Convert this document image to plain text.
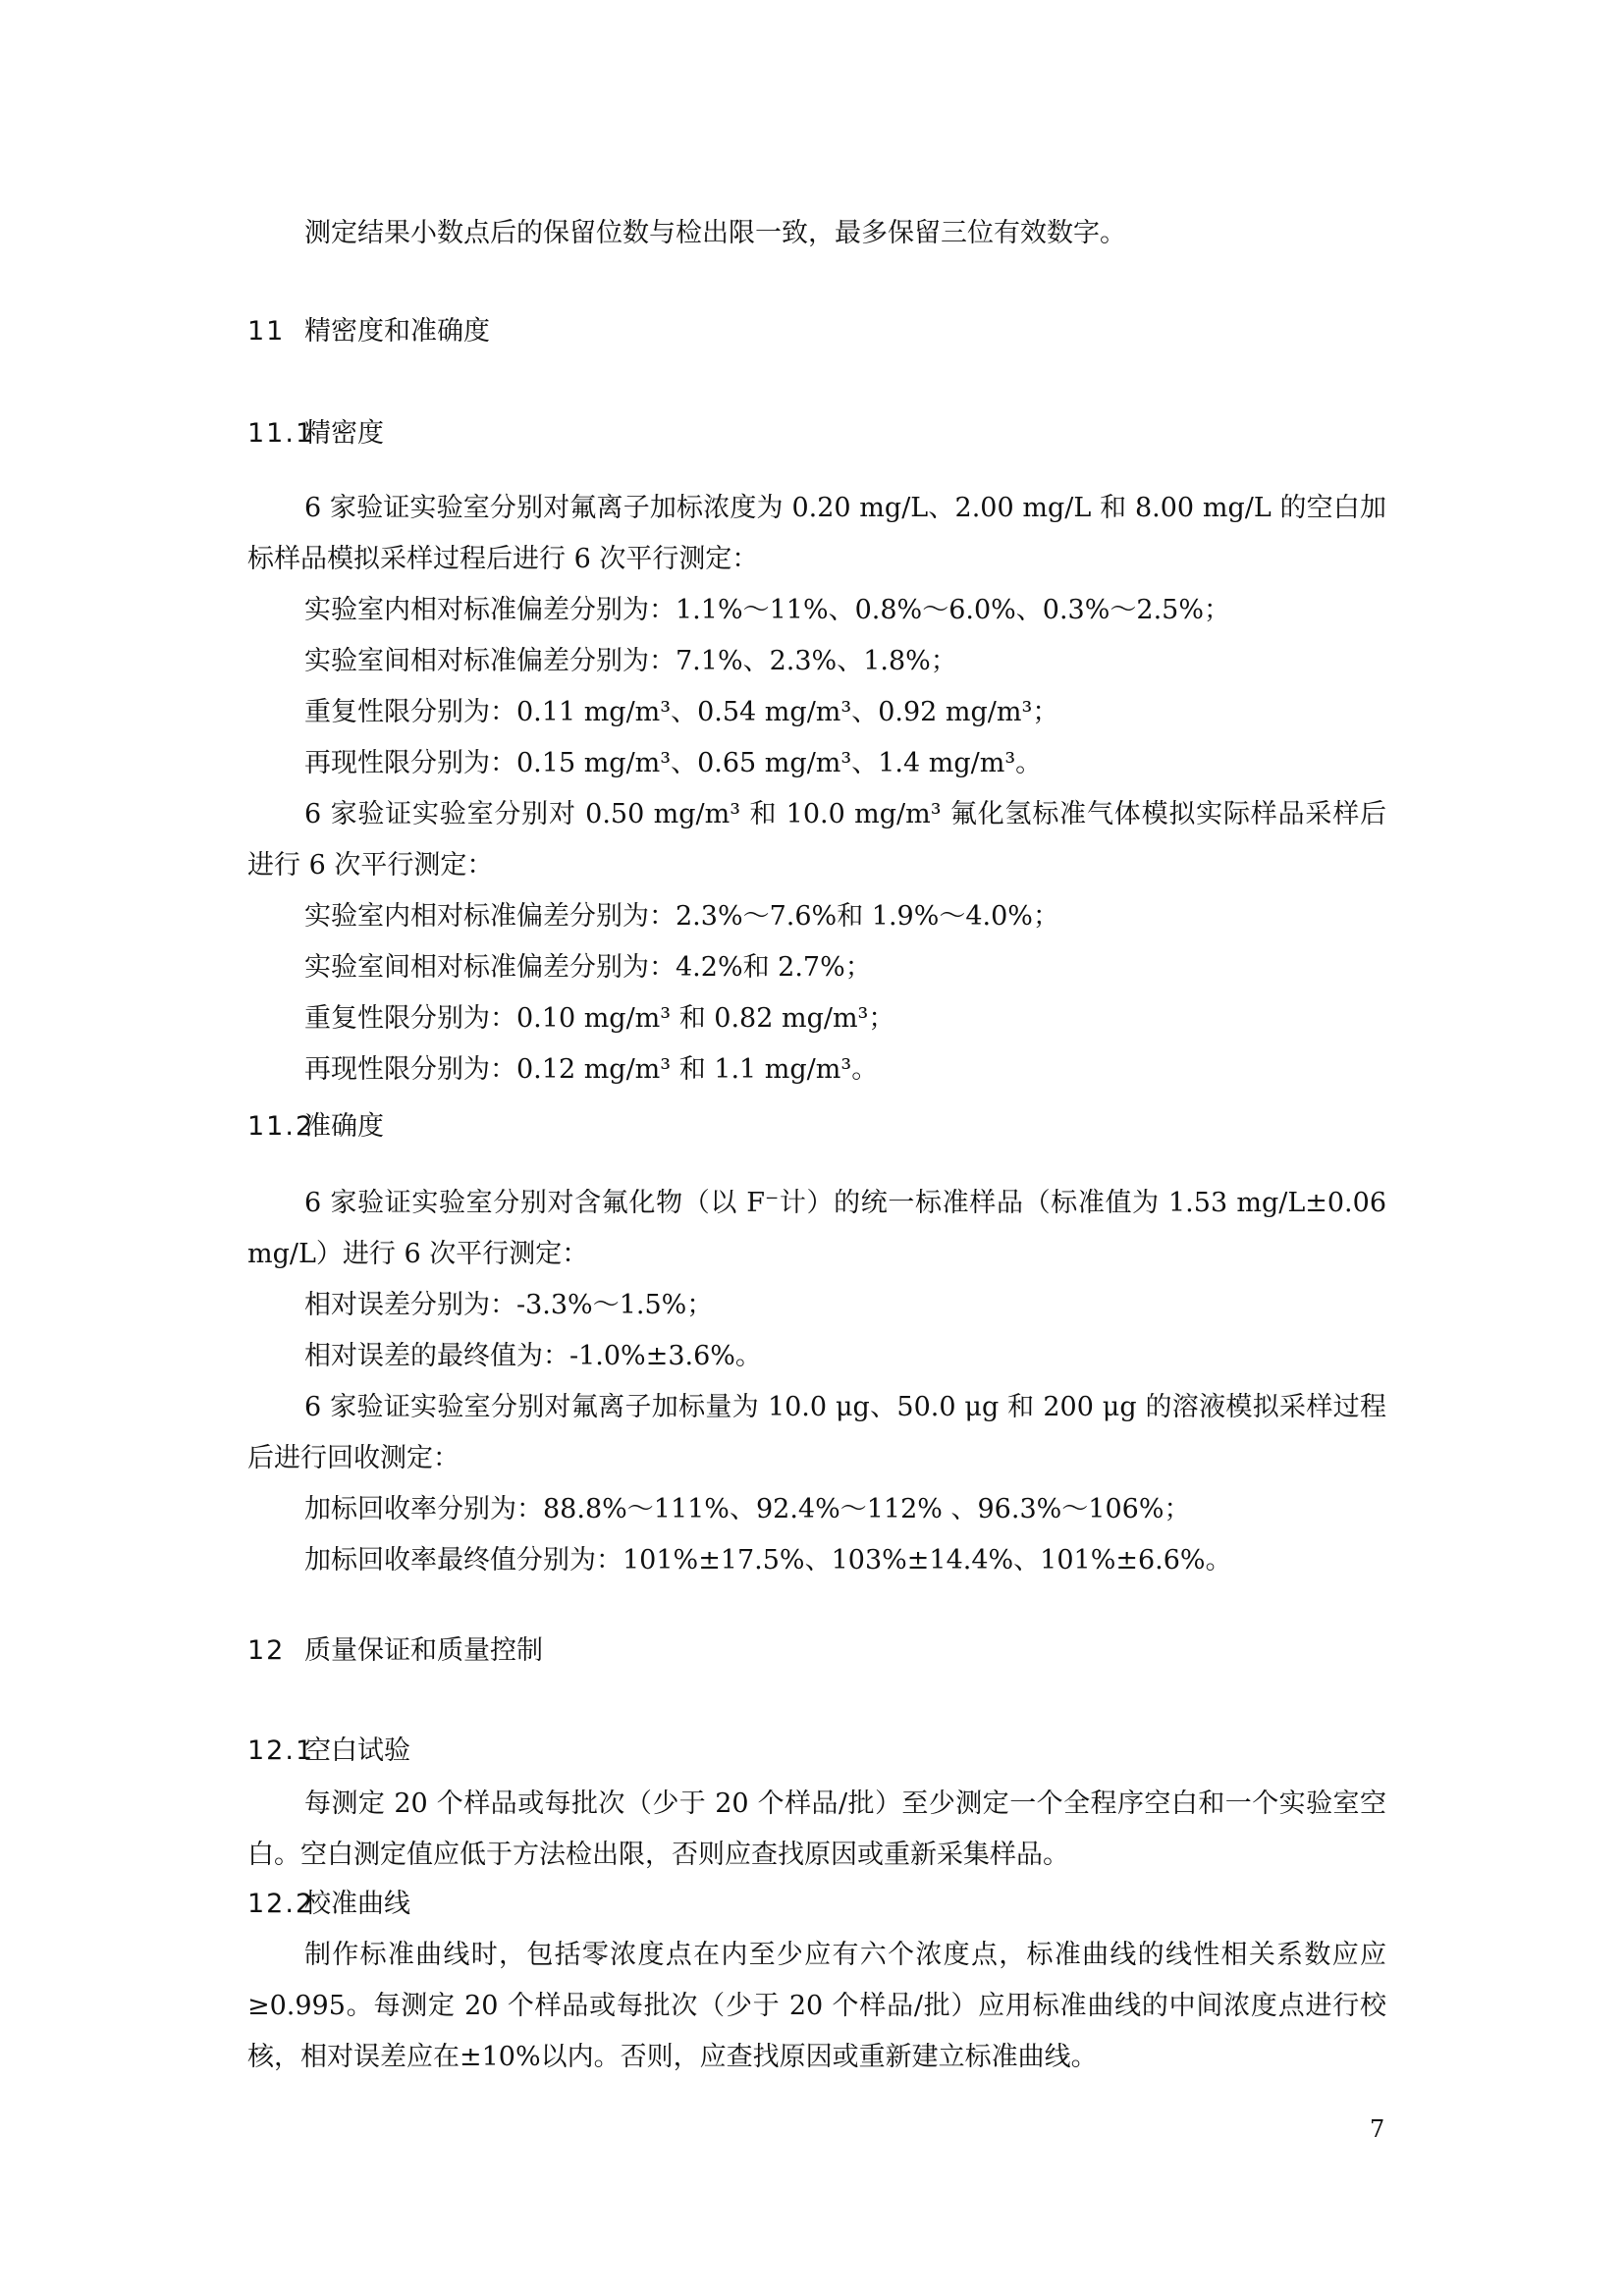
测定结果小数点后的保留位数与检出限一致，最多保留三位有效数字。

11 精密度和准确度
11.1精密度

6 家验证实验室分别对氟离子加标浓度为 0.20 mg/L、2.00 mg/L 和 8.00 mg/L 的空白加标样品模拟采样过程后进行 6 次平行测定：

实验室内相对标准偏差分别为：1.1%～11%、0.8%～6.0%、0.3%～2.5%；

实验室间相对标准偏差分别为：7.1%、2.3%、1.8%；

重复性限分别为：0.11 mg/m³、0.54 mg/m³、0.92 mg/m³；

再现性限分别为：0.15 mg/m³、0.65 mg/m³、1.4 mg/m³。

6 家验证实验室分别对 0.50 mg/m³ 和 10.0 mg/m³ 氟化氢标准气体模拟实际样品采样后进行 6 次平行测定：

实验室内相对标准偏差分别为：2.3%～7.6%和 1.9%～4.0%；

实验室间相对标准偏差分别为：4.2%和 2.7%；

重复性限分别为：0.10 mg/m³ 和 0.82 mg/m³；

再现性限分别为：0.12 mg/m³ 和 1.1 mg/m³。

11.2准确度

6 家验证实验室分别对含氟化物（以 F⁻计）的统一标准样品（标准值为 1.53 mg/L±0.06 mg/L）进行 6 次平行测定：

相对误差分别为：-3.3%～1.5%；

相对误差的最终值为：-1.0%±3.6%。

6 家验证实验室分别对氟离子加标量为 10.0 μg、50.0 μg 和 200 μg 的溶液模拟采样过程后进行回收测定：

加标回收率分别为：88.8%～111%、92.4%～112% 、96.3%～106%；

加标回收率最终值分别为：101%±17.5%、103%±14.4%、101%±6.6%。

12 质量保证和质量控制
12.1空白试验

每测定 20 个样品或每批次（少于 20 个样品/批）至少测定一个全程序空白和一个实验室空白。空白测定值应低于方法检出限，否则应查找原因或重新采集样品。

12.2校准曲线

制作标准曲线时，包括零浓度点在内至少应有六个浓度点，标准曲线的线性相关系数应应≥0.995。每测定 20 个样品或每批次（少于 20 个样品/批）应用标准曲线的中间浓度点进行校核，相对误差应在±10%以内。否则，应查找原因或重新建立标准曲线。

7
